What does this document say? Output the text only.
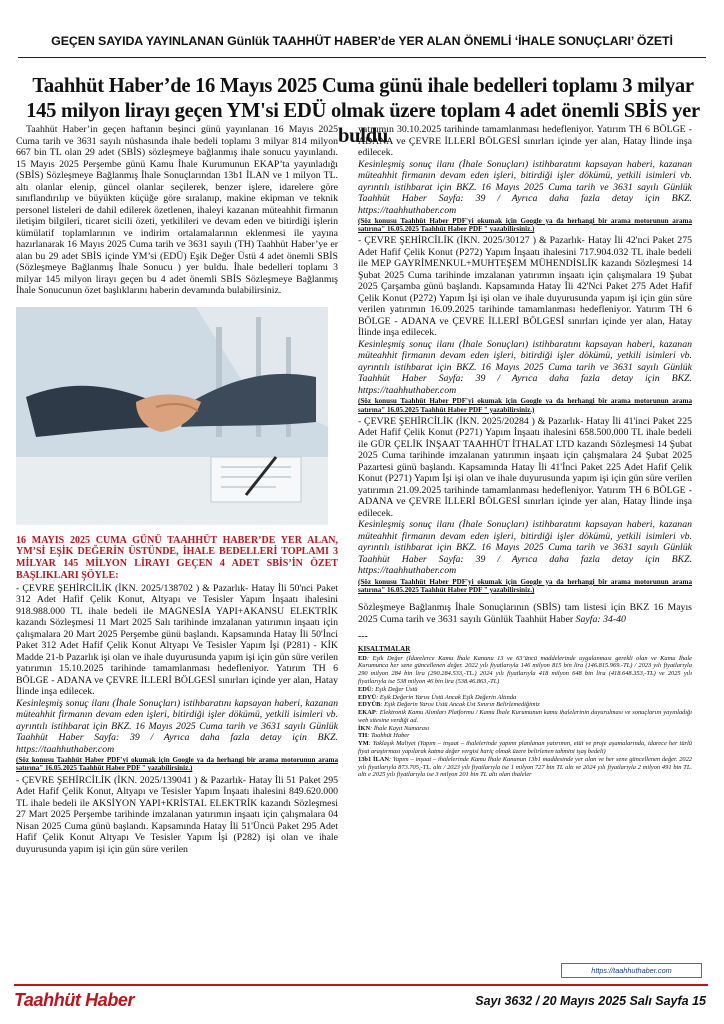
GEÇEN SAYIDA YAYINLANAN Günlük TAAHHÜT HABER’de YER ALAN ÖNEMLİ ‘İHALE SONUÇLARI’ ÖZETİ
Taahhüt Haber’de 16 Mayıs 2025 Cuma günü ihale bedelleri toplamı 3 milyar 145 milyon lirayı geçen YM'si EDÜ olmak üzere toplam 4 adet önemli SBİS yer buldu

Taahhüt Haber’in geçen haftanın beşinci günü yayınlanan 16 Mayıs 2025 Cuma tarih ve 3631 sayılı nüshasında ihale bedeli toplamı 3 milyar 814 milyon 667 bin TL olan 29 adet (SBİS) sözleşmeye bağlanmış ihale sonucu yayınlandı. 15 Mayıs 2025 Perşembe günü Kamu İhale Kurumunun EKAP’ta yayınladığı (SBİS) Sözleşmeye Bağlanmış İhale Sonuçlarından 13b1 İLAN ve 1 milyon TL. altı olanlar elenip, güncel olanlar seçilerek, benzer işlere, idarelere göre sınıflandırılıp ve büyükten küçüğe göre sıralanıp, makine ekipman ve teknik personel listeleri de dahil edilerek özetlenen, ihaleyi kazanan müteahhit firmanın iletişim bilgileri, ticaret sicili özeti, yetkilileri ve devam eden ve bitirdiği işlerin kümülatif toplamlarının ve indirim ortalamalarının eklenmesi ile yayına hazırlanarak 16 Mayıs 2025 Cuma tarih ve 3631 sayılı (TH) Taahhüt Haber’ye er alan bu 29 adet SBİS içinde YM’si (EDÜ) Eşik Değer Üstü 4 adet önemli SBİS (Sözleşmeye Bağlanmış İhale Sonucu ) yer buldu. İhale bedelleri toplamı 3 milyar 145 milyon lirayı geçen bu 4 adet önemli SBİS Sözleşmeye Bağlanmış İhale Sonucunun özet başlıklarını haberin devamında bulabilirsiniz.

16 MAYIS 2025 CUMA GÜNÜ TAAHHÜT HABER’DE YER ALAN, YM’Sİ EŞİK DEĞERİN ÜSTÜNDE, İHALE BEDELLERİ TOPLAMI 3 MİLYAR 145 MİLYON LİRAYI GEÇEN 4 ADET SBİS’İN ÖZET BAŞLIKLARI ŞÖYLE:

- ÇEVRE ŞEHİRCİLİK (İKN. 2025/138702 ) & Pazarlık- Hatay İli 50'nci Paket 312 Adet Hafif Çelik Konut, Altyapı ve Tesisler Yapım İnşaatı ihalesini 918.988.000 TL ihale bedeli ile MAGNESİA YAPI+AKANSU ELEKTRİK kazandı Sözleşmesi 11 Mart 2025 Salı tarihinde imzalanan yatırımın inşaatı için çalışmalara 20 Mart 2025 Perşembe günü başlandı. Kapsamında Hatay İli 50'İnci Paket 312 Adet Hafif Çelik Konut Altyapı Ve Tesisler Yapım İşi (P281) - KİK Madde 21-b Pazarlık işi olan ve ihale duyurusunda yapım işi için gün süre verilen yatırımın 15.10.2025 tarihinde tamamlanması hedefleniyor. Yatırım TH 6 BÖLGE - ADANA ve ÇEVRE İLLERİ BÖLGESİ sınırları içinde yer alan, Hatay İlinde inşa edilecek.

Kesinleşmiş sonuç ilanı (İhale Sonuçları) istihbaratını kapsayan haberi, kazanan müteahhit firmanın devam eden işleri, bitirdiği işler dökümü, yetkili isimleri vb. ayrıntılı istihbarat için BKZ. 16 Mayıs 2025 Cuma tarih ve 3631 sayılı Günlük Taahhüt Haber Sayfa: 39 / Ayrıca daha fazla detay için BKZ. https://taahhuthaber.com

(Söz konusu Taahhüt Haber PDF'yi okumak için Google ya da herhangi bir arama motorunun arama satırına" 16.05.2025 Taahhüt Haber PDF " yazabilirsiniz.)

- ÇEVRE ŞEHİRCİLİK (İKN. 2025/139041 ) & Pazarlık- Hatay İli 51 Paket 295 Adet Hafif Çelik Konut, Altyapı ve Tesisler Yapım İnşaatı ihalesini 849.620.000 TL ihale bedeli ile AKSİYON YAPI+KRİSTAL ELEKTRİK kazandı Sözleşmesi 27 Mart 2025 Perşembe tarihinde imzalanan yatırımın inşaatı için çalışmalara 04 Nisan 2025 Cuma günü başlandı. Kapsamında Hatay İli 51'Üncü Paket 295 Adet Hafif Çelik Konut Altyapı Ve Tesisler Yapım İşi (P282) işi olan ve ihale duyurusunda yapım işi için gün süre verilen

yatırımın 30.10.2025 tarihinde tamamlanması hedefleniyor. Yatırım TH 6 BÖLGE - ADANA ve ÇEVRE İLLERİ BÖLGESİ sınırları içinde yer alan, Hatay İlinde inşa edilecek.

Kesinleşmiş sonuç ilanı (İhale Sonuçları) istihbaratını kapsayan haberi, kazanan müteahhit firmanın devam eden işleri, bitirdiği işler dökümü, yetkili isimleri vb. ayrıntılı istihbarat için BKZ. 16 Mayıs 2025 Cuma tarih ve 3631 sayılı Günlük Taahhüt Haber Sayfa: 39 / Ayrıca daha fazla detay için BKZ. https://taahhuthaber.com

(Söz konusu Taahhüt Haber PDF'yi okumak için Google ya da herhangi bir arama motorunun arama satırına" 16.05.2025 Taahhüt Haber PDF " yazabilirsiniz.)

- ÇEVRE ŞEHİRCİLİK (İKN. 2025/30127 ) & Pazarlık- Hatay İli 42'nci Paket 275 Adet Hafif Çelik Konut (P272) Yapım İnşaatı ihalesini 717.904.032 TL ihale bedeli ile MEP GAYRİMENKUL+MUHTEŞEM MÜHENDİSLİK kazandı Sözleşmesi 14 Şubat 2025 Cuma tarihinde imzalanan yatırımın inşaatı için çalışmalara 19 Şubat 2025 Çarşamba günü başlandı. Kapsamında Hatay İli 42'Nci Paket 275 Adet Hafif Çelik Konut (P272) Yapım İşi işi olan ve ihale duyurusunda yapım işi için gün süre verilen yatırımın 16.09.2025 tarihinde tamamlanması hedefleniyor. Yatırım TH 6 BÖLGE - ADANA ve ÇEVRE İLLERİ BÖLGESİ sınırları içinde yer alan, Hatay İlinde inşa edilecek.

Kesinleşmiş sonuç ilanı (İhale Sonuçları) istihbaratını kapsayan haberi, kazanan müteahhit firmanın devam eden işleri, bitirdiği işler dökümü, yetkili isimleri vb. ayrıntılı istihbarat için BKZ. 16 Mayıs 2025 Cuma tarih ve 3631 sayılı Günlük Taahhüt Haber Sayfa: 39 / Ayrıca daha fazla detay için BKZ. https://taahhuthaber.com

(Söz konusu Taahhüt Haber PDF'yi okumak için Google ya da herhangi bir arama motorunun arama satırına" 16.05.2025 Taahhüt Haber PDF " yazabilirsiniz.)

- ÇEVRE ŞEHİRCİLİK (İKN. 2025/20284 ) & Pazarlık- Hatay İli 41'inci Paket 225 Adet Hafif Çelik Konut (P271) Yapım İnşaatı ihalesini 658.500.000 TL ihale bedeli ile GÜR ÇELİK İNŞAAT TAAHHÜT İTHALAT LTD kazandı Sözleşmesi 14 Şubat 2025 Cuma tarihinde imzalanan yatırımın inşaatı için çalışmalara 24 Şubat 2025 Pazartesi günü başlandı. Kapsamında Hatay İli 41'İnci Paket 225 Adet Hafif Çelik Konut (P271) Yapım İşi işi olan ve ihale duyurusunda yapım işi için gün süre verilen yatırımın 21.09.2025 tarihinde tamamlanması hedefleniyor. Yatırım TH 6 BÖLGE - ADANA ve ÇEVRE İLLERİ BÖLGESİ sınırları içinde yer alan, Hatay İlinde inşa edilecek.

Kesinleşmiş sonuç ilanı (İhale Sonuçları) istihbaratını kapsayan haberi, kazanan müteahhit firmanın devam eden işleri, bitirdiği işler dökümü, yetkili isimleri vb. ayrıntılı istihbarat için BKZ. 16 Mayıs 2025 Cuma tarih ve 3631 sayılı Günlük Taahhüt Haber Sayfa: 39 / Ayrıca daha fazla detay için BKZ. https://taahhuthaber.com

(Söz konusu Taahhüt Haber PDF'yi okumak için Google ya da herhangi bir arama motorunun arama satırına" 16.05.2025 Taahhüt Haber PDF " yazabilirsiniz.)

Sözleşmeye Bağlanmış İhale Sonuçlarının (SBİS) tam listesi için BKZ 16 Mayıs 2025 Cuma tarih ve 3631 sayılı Günlük Taahhüt Haber Sayfa: 34-40

---

KISALTMALAR

ED: Eşik Değer (İdarelerce Kamu İhale Kanunu 13 ve 63’üncü maddelerinde uygulanması gerekli olan ve Kamu İhale Kurumunca her sene güncellenen değer. 2022 yılı fiyatlarıyla 146 milyon 815 bin lira (146.815.969.-TL) / 2023 yılı fiyatlarıyla 290 milyon 284 bin lira (290.284.533,-TL.) 2024 yılı fiyatlarıyla 418 milyon 648 bin lira (418.648.353,-TL) ve 2025 yılı fiyatlarıyla ise 538 milyon 46 bin lira (538.46.863,-TL)

EDÜ: Eşik Değer Üstü

EDYÜ: Eşik Değerin Yarısı Üstü Ancak Eşik Değerin Altında

EDYÜB: Eşik Değerin Yarısı Üstü Ancak Üst Sınırın Belirlemediğimiz

EKAP: Elektronik Kamu Alımları Platformu / Kamu İhale Kurumunun kamu ihalelerinin duyurulması ve sonuçlarını yayınladığı web sitesine verdiği ad.

İKN: İhale Kayıt Numarası

TH: Taahhüt Haber

YM: Yaklaşık Maliyet (Yapım – inşaat – ihalelerinde yapımı planlanan yatırımın, etüt ve proje aşamalarında, idarece her türlü fiyat araştırması yapılarak katma değer vergisi hariç olmak üzere belirlenen tahmini işaş bedeli)

13b1 İLAN: Yapım – inşaat – ihalelerinde Kamu İhale Kanunun 13b1 maddesinde yer alan ve her sene güncellenen değer. 2022 yılı fiyatlarıyla 873.705,-TL. altı / 2023 yılı fiyatlarıyla ise 1 milyon 727 bin TL altı ve 2024 yılı fiyatlarıyla 2 milyon 491 bin TL. altı e 2025 yılı fiyatlarıyla ise 3 milyon 201 bin TL altı olan ihaleler

https://taahhuthaber.com
Taahhüt Haber	Sayı 3632 / 20 Mayıs 2025 Salı Sayfa 15
